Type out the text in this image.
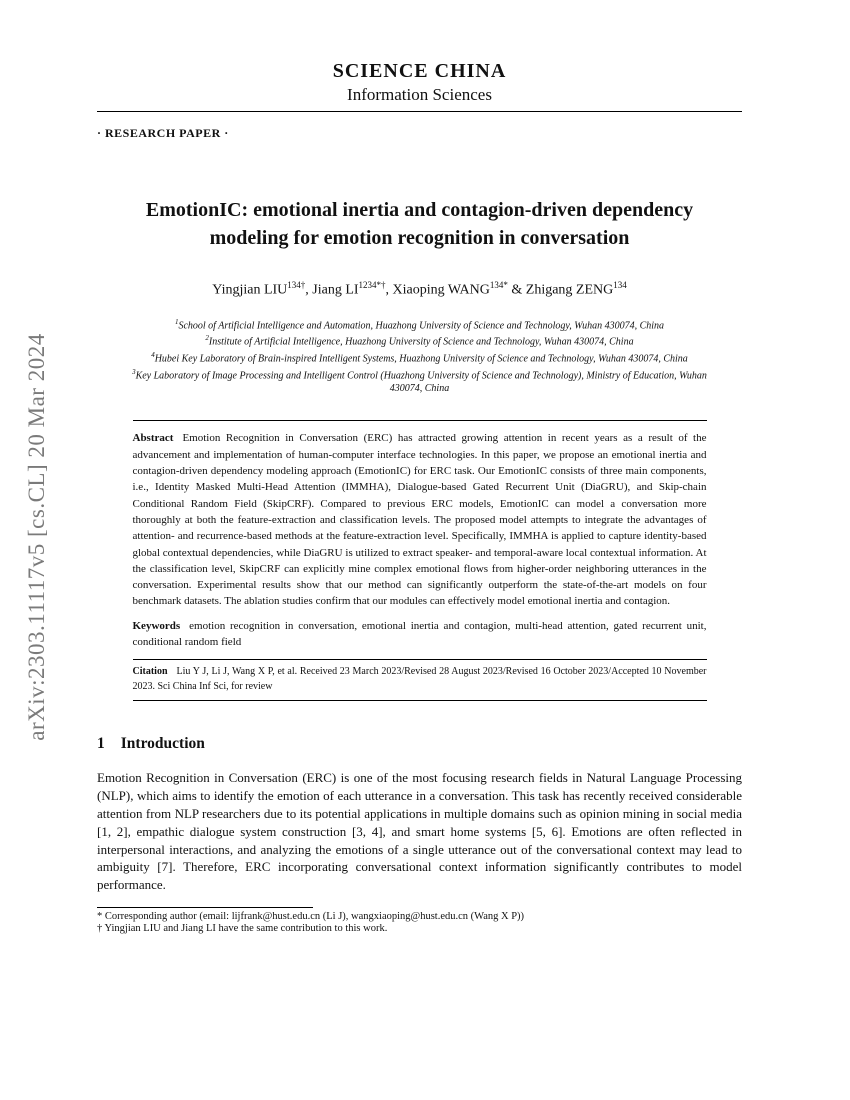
arXiv:2303.11117v5 [cs.CL] 20 Mar 2024
SCIENCE CHINA
Information Sciences
· RESEARCH PAPER ·
EmotionIC: emotional inertia and contagion-driven dependency modeling for emotion recognition in conversation
Yingjian $LIU^{134\dagger}$, Jiang $LI^{1234*\dagger}$, Xiaoping $WANG^{134*}$ & Zhigang ZENG$^{134}$
$^1$School of Artificial Intelligence and Automation, Huazhong University of Science and Technology, Wuhan 430074, China
$^2$Institute of Artificial Intelligence, Huazhong University of Science and Technology, Wuhan 430074, China
$^4$Hubei Key Laboratory of Brain-inspired Intelligent Systems, Huazhong University of Science and Technology, Wuhan 430074, China
$^3$Key Laboratory of Image Processing and Intelligent Control (Huazhong University of Science and Technology), Ministry of Education, Wuhan 430074, China

Abstract Emotion Recognition in Conversation (ERC) has attracted growing attention in recent years as a result of the advancement and implementation of human-computer interface technologies. In this paper, we propose an emotional inertia and contagion-driven dependency modeling approach (EmotionIC) for ERC task. Our EmotionIC consists of three main components, i.e., Identity Masked Multi-Head Attention (IMMHA), Dialogue-based Gated Recurrent Unit (DiaGRU), and Skip-chain Conditional Random Field (SkipCRF). Compared to previous ERC models, EmotionIC can model a conversation more thoroughly at both the feature-extraction and classification levels. The proposed model attempts to integrate the advantages of attention- and recurrence-based methods at the feature-extraction level. Specifically, IMMHA is applied to capture identity-based global contextual dependencies, while DiaGRU is utilized to extract speaker- and temporal-aware local contextual information. At the classification level, SkipCRF can explicitly mine complex emotional flows from higher-order neighboring utterances in the conversation. Experimental results show that our method can significantly outperform the state-of-the-art models on four benchmark datasets. The ablation studies confirm that our modules can effectively model emotional inertia and contagion.

Keywords emotion recognition in conversation, emotional inertia and contagion, multi-head attention, gated recurrent unit, conditional random field

Citation Liu Y J, Li J, Wang X P, et al. Received 23 March 2023/Revised 28 August 2023/Revised 16 October 2023/Accepted 10 November 2023. Sci China Inf Sci, for review

1 Introduction

Emotion Recognition in Conversation (ERC) is one of the most focusing research fields in Natural Language Processing (NLP), which aims to identify the emotion of each utterance in a conversation. This task has recently received considerable attention from NLP researchers due to its potential applications in multiple domains such as opinion mining in social media [1, 2], empathic dialogue system construction [3, 4], and smart home systems [5, 6]. Emotions are often reflected in interpersonal interactions, and analyzing the emotions of a single utterance out of the conversational context may lead to ambiguity [7]. Therefore, ERC incorporating conversational context information significantly contributes to model performance.

* Corresponding author (email: lijfrank@hust.edu.cn (Li J), wangxiaoping@hust.edu.cn (Wang X P))
† Yingjian LIU and Jiang LI have the same contribution to this work.
